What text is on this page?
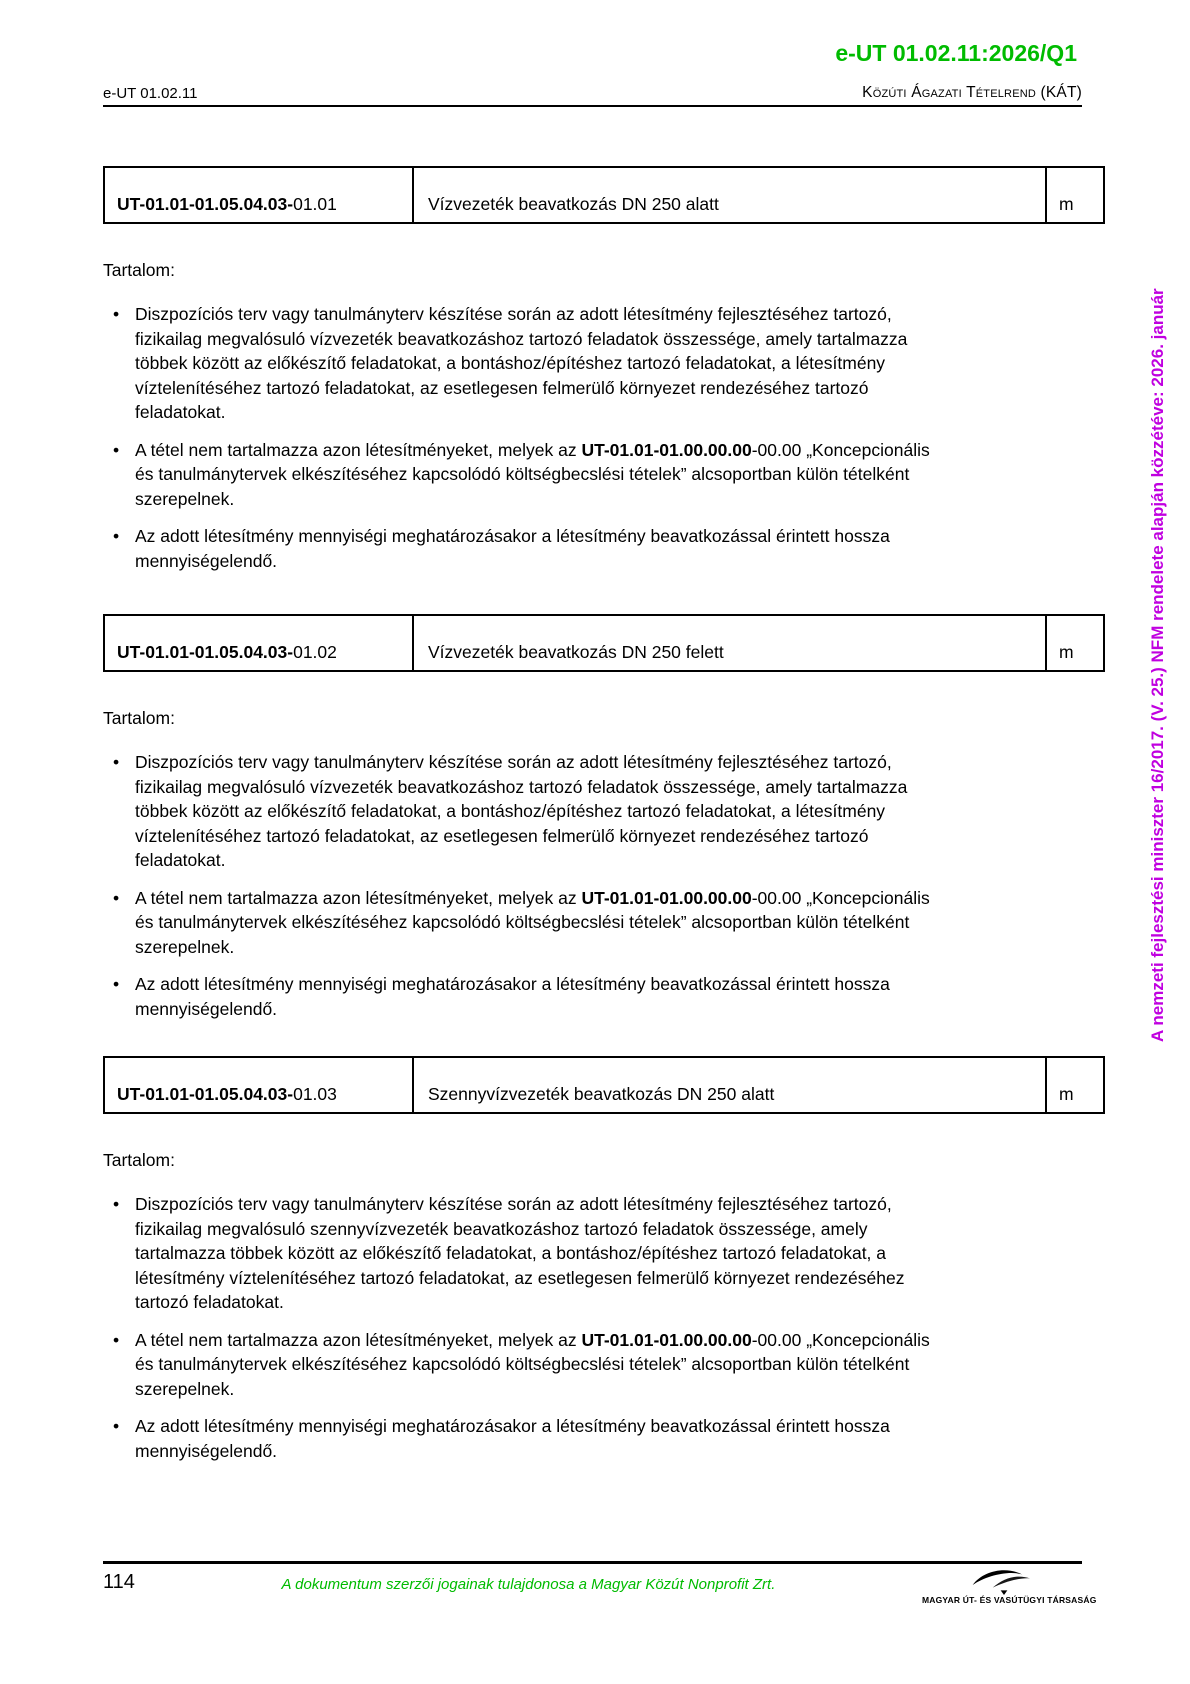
e-UT 01.02.11:2026/Q1
e-UT 01.02.11	Közúti Ágazati Tételrend (KÁT)
UT-01.01-01.05.04.03- 01.01	Vízvezeték beavatkozás DN 250 alatt	m
Tartalom:
• Diszpozíciós terv vagy tanulmányterv készítése során az adott létesítmény fejlesztéséhez tartozó, fizikailag megvalósuló vízvezeték beavatkozáshoz tartozó feladatok összessége, amely tartalmazza többek között az előkészítő feladatokat, a bontáshoz/építéshez tartozó feladatokat, a létesítmény víztelenítéséhez tartozó feladatokat, az esetlegesen felmerülő környezet rendezéséhez tartozó feladatokat.
• A tétel nem tartalmazza azon létesítményeket, melyek az UT-01.01-01.00.00.00-00.00 „Koncepcionális és tanulmánytervek elkészítéséhez kapcsolódó költségbecslési tételek” alcsoportban külön tételként szerepelnek.
• Az adott létesítmény mennyiségi meghatározásakor a létesítmény beavatkozással érintett hossza mennyiségelendő.
UT-01.01-01.05.04.03- 01.02	Vízvezeték beavatkozás DN 250 felett	m
Tartalom:
• Diszpozíciós terv vagy tanulmányterv készítése során az adott létesítmény fejlesztéséhez tartozó, fizikailag megvalósuló vízvezeték beavatkozáshoz tartozó feladatok összessége, amely tartalmazza többek között az előkészítő feladatokat, a bontáshoz/építéshez tartozó feladatokat, a létesítmény víztelenítéséhez tartozó feladatokat, az esetlegesen felmerülő környezet rendezéséhez tartozó feladatokat.
• A tétel nem tartalmazza azon létesítményeket, melyek az UT-01.01-01.00.00.00-00.00 „Koncepcionális és tanulmánytervek elkészítéséhez kapcsolódó költségbecslési tételek” alcsoportban külön tételként szerepelnek.
• Az adott létesítmény mennyiségi meghatározásakor a létesítmény beavatkozással érintett hossza mennyiségelendő.
UT-01.01-01.05.04.03- 01.03	Szennyvízvezeték beavatkozás DN 250 alatt	m
Tartalom:
• Diszpozíciós terv vagy tanulmányterv készítése során az adott létesítmény fejlesztéséhez tartozó, fizikailag megvalósuló szennyvízvezeték beavatkozáshoz tartozó feladatok összessége, amely tartalmazza többek között az előkészítő feladatokat, a bontáshoz/építéshez tartozó feladatokat, a létesítmény víztelenítéséhez tartozó feladatokat, az esetlegesen felmerülő környezet rendezéséhez tartozó feladatokat.
• A tétel nem tartalmazza azon létesítményeket, melyek az UT-01.01-01.00.00.00-00.00 „Koncepcionális és tanulmánytervek elkészítéséhez kapcsolódó költségbecslési tételek” alcsoportban külön tételként szerepelnek.
• Az adott létesítmény mennyiségi meghatározásakor a létesítmény beavatkozással érintett hossza mennyiségelendő.
A nemzeti fejlesztési miniszter 16/2017. (V. 25.) NFM rendelete alapján közzétéve: 2026. január
114	A dokumentum szerzői jogainak tulajdonosa a Magyar Közút Nonprofit Zrt.
MAGYAR ÚT- ÉS VASÚTÜGYI TÁRSASÁG
